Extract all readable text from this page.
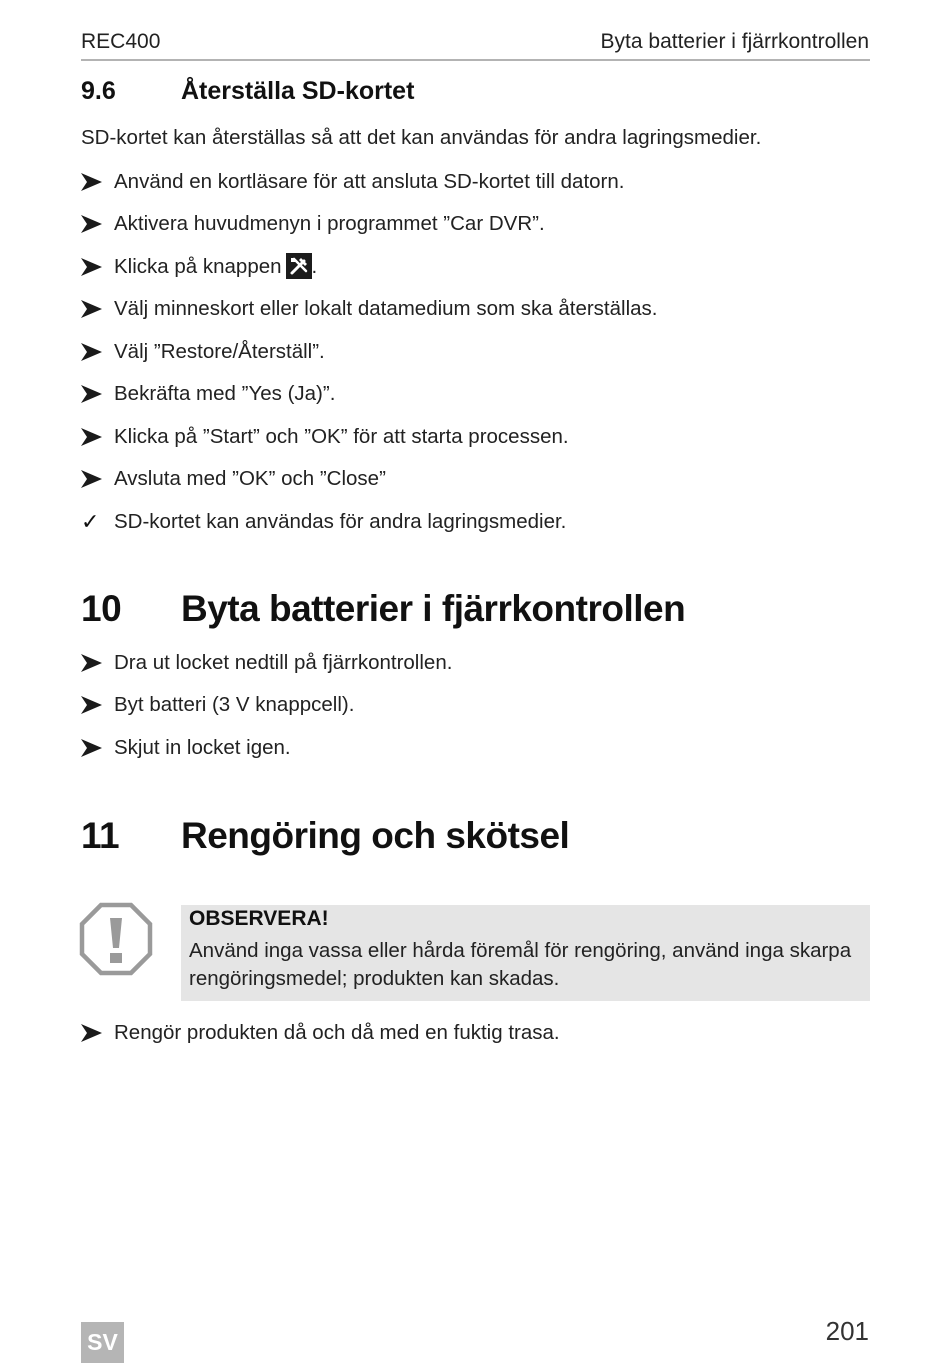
REC400	Byta batterier i fjärrkontrollen
9.6	Återställa SD-kortet
SD-kortet kan återställas så att det kan användas för andra lagringsmedier.
Använd en kortläsare för att ansluta SD-kortet till datorn.
Aktivera huvudmenyn i programmet ”Car DVR”.
Klicka på knappen .
Välj minneskort eller lokalt datamedium som ska återställas.
Välj ”Restore/Återställ”.
Bekräfta med ”Yes (Ja)”.
Klicka på ”Start” och ”OK” för att starta processen.
Avsluta med ”OK” och ”Close”
✓ SD-kortet kan användas för andra lagringsmedier.
10 Byta batterier i fjärrkontrollen
Dra ut locket nedtill på fjärrkontrollen.
Byt batteri (3 V knappcell).
Skjut in locket igen.
11 Rengöring och skötsel
OBSERVERA!
Använd inga vassa eller hårda föremål för rengöring, använd inga skarpa rengöringsmedel; produkten kan skadas.
Rengör produkten då och då med en fuktig trasa.
SV	201
